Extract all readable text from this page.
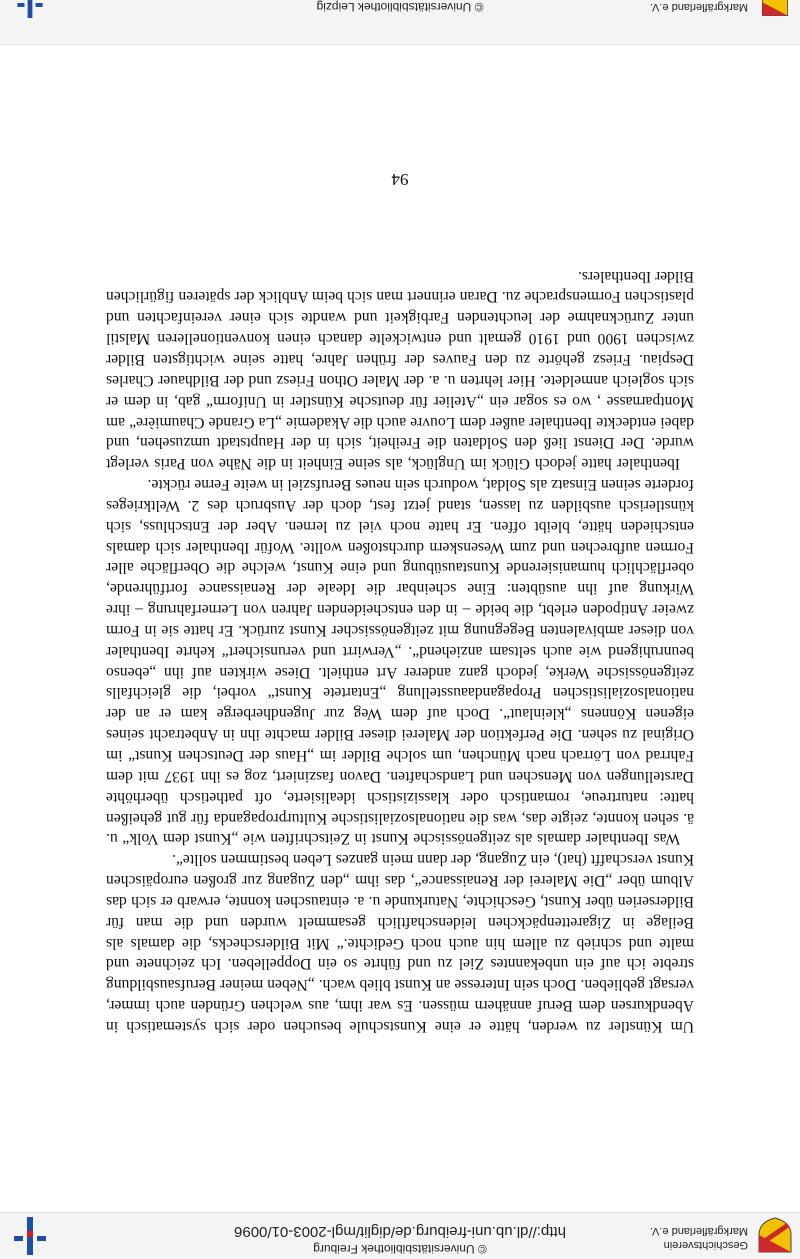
Geschichtsverein
Markgräflerland e.V.
© Universitätsbibliothek Freiburg
http://dl.ub.uni-freiburg.de/diglit/mgl-2003-01/0096

Um Künstler zu werden, hätte er eine Kunstschule besuchen oder sich systematisch in Abendkursen dem Beruf annähern müssen. Es war ihm, aus welchen Gründen auch immer, versagt geblieben. Doch sein Interesse an Kunst blieb wach. „Neben meiner Berufsausbildung strebte ich auf ein unbekanntes Ziel zu und führte so ein Doppelleben. Ich zeichnete und malte und schrieb zu allem hin auch noch Gedichte.“ Mit Bilderschecks, die damals als Beilage in Zigarettenpäckchen leidenschaftlich gesammelt wurden und die man für Bilderserien über Kunst, Geschichte, Naturkunde u. a. eintauschen konnte, erwarb er sich das Album über „Die Malerei der Renaissance“, das ihm „den Zugang zur großen europäischen Kunst verschafft (hat), ein Zugang, der dann mein ganzes Leben bestimmen sollte“.

Was Ibenthaler damals als zeitgenössische Kunst in Zeitschriften wie „Kunst dem Volk“ u. ä. sehen konnte, zeigte das, was die nationalsozialistische Kulturpropaganda für gut geheißen hatte: naturtreue, romantisch oder klassizistisch idealisierte, oft pathetisch überhöhte Darstellungen von Menschen und Landschaften. Davon fasziniert, zog es ihn 1937 mit dem Fahrrad von Lörrach nach München, um solche Bilder im „Haus der Deutschen Kunst“ im Original zu sehen. Die Perfektion der Malerei dieser Bilder machte ihn in Anbetracht seines eigenen Könnens „kleinlaut“. Doch auf dem Weg zur Jugendherberge kam er an der nationalsozialistischen Propagandaausstellung „Entartete Kunst“ vorbei, die gleichfalls zeitgenössische Werke, jedoch ganz anderer Art enthielt. Diese wirkten auf ihn „ebenso beunruhigend wie auch seltsam anziehend“. „Verwirrt und verunsichert“ kehrte Ibenthaler von dieser ambivalenten Begegnung mit zeitgenössischer Kunst zurück. Er hatte sie in Form zweier Antipoden erlebt, die beide – in den entscheidenden Jahren von Lernerfahrung – ihre Wirkung auf ihn ausübten: Eine scheinbar die Ideale der Renaissance fortführende, oberflächlich humanisierende Kunstausübung und eine Kunst, welche die Oberfläche aller Formen aufbrechen und zum Wesenskern durchstoßen wollte. Wofür Ibenthaler sich damals entschieden hätte, bleibt offen. Er hatte noch viel zu lernen. Aber der Entschluss, sich künstlerisch ausbilden zu lassen, stand jetzt fest, doch der Ausbruch des 2. Weltkrieges forderte seinen Einsatz als Soldat, wodurch sein neues Berufsziel in weite Ferne rückte.

Ibenthaler hatte jedoch Glück im Unglück, als seine Einheit in die Nähe von Paris verlegt wurde. Der Dienst ließ den Soldaten die Freiheit, sich in der Hauptstadt umzusehen, und dabei entdeckte Ibenthaler außer dem Louvre auch die Akademie „La Grande Chaumière“ am Montparnasse , wo es sogar ein „Atelier für deutsche Künstler in Uniform“ gab, in dem er sich sogleich anmeldete. Hier lehrten u. a. der Maler Othon Friesz und der Bildhauer Charles Despiau. Friesz gehörte zu den Fauves der frühen Jahre, hatte seine wichtigsten Bilder zwischen 1900 und 1910 gemalt und entwickelte danach einen konventionelleren Malstil unter Zurücknahme der leuchtenden Farbigkeit und wandte sich einer vereinfachten und plastischen Formensprache zu. Daran erinnert man sich beim Anblick der späteren figürlichen Bilder Ibenthalers.

94
Markgräflerland e.V.
© Universitätsbibliothek Leipzig
